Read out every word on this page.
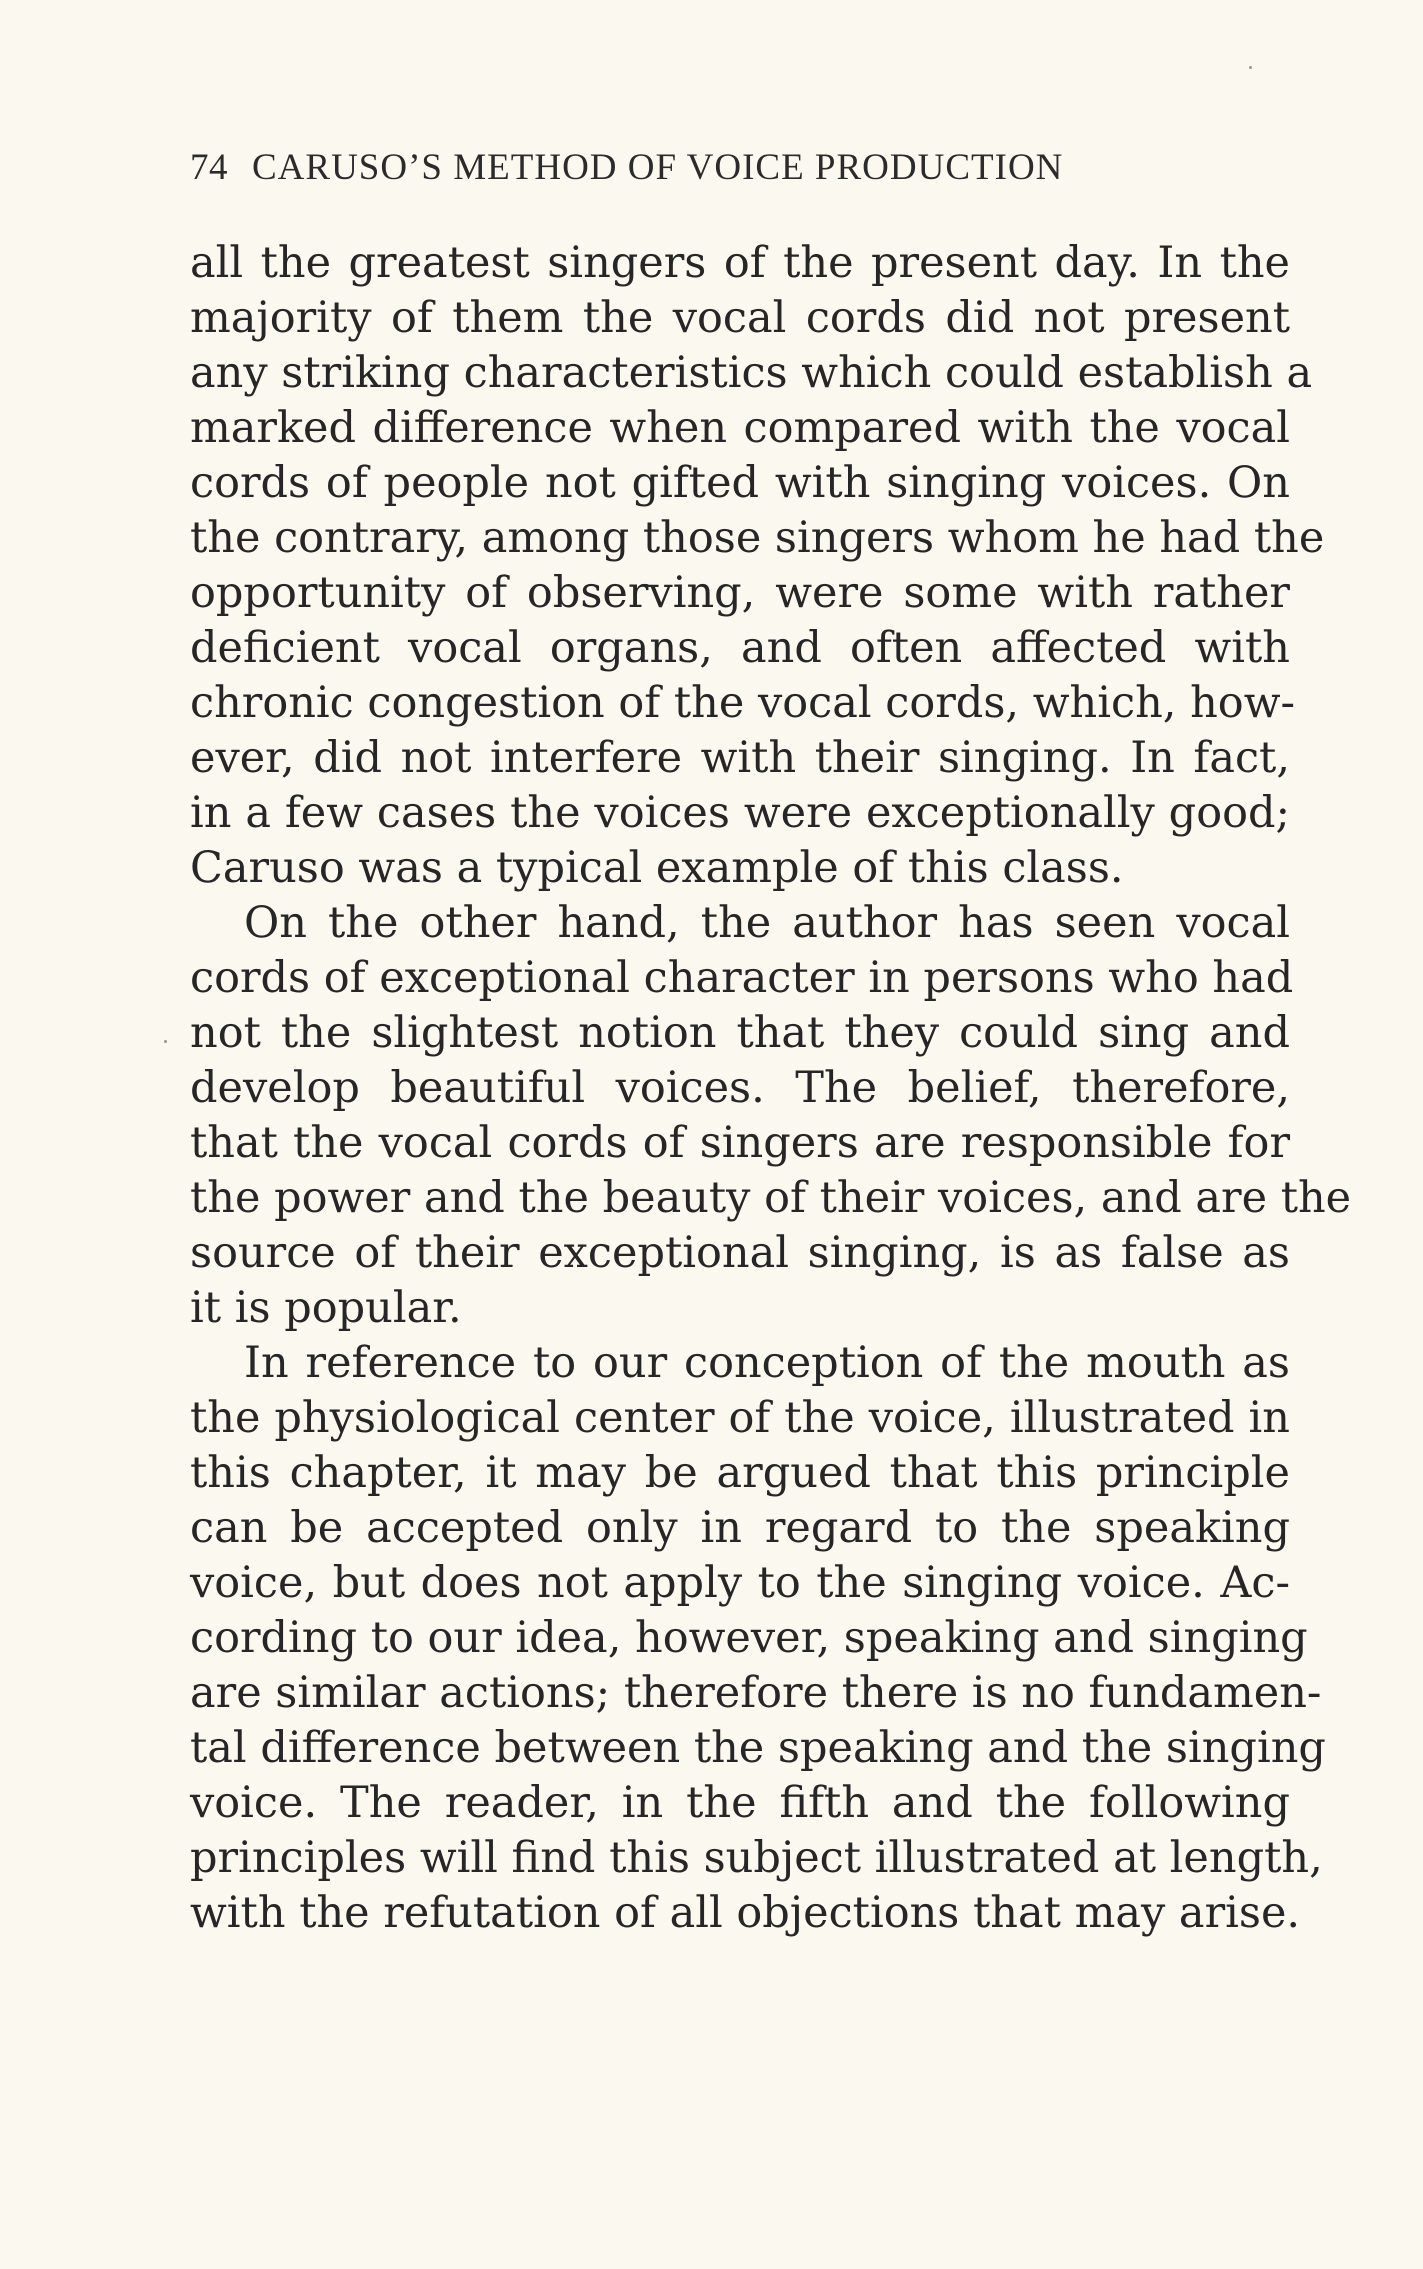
74 CARUSO’S METHOD OF VOICE PRODUCTION
all the greatest singers of the present day. In the
majority of them the vocal cords did not present
any striking characteristics which could establish a
marked difference when compared with the vocal
cords of people not gifted with singing voices. On
the contrary, among those singers whom he had the
opportunity of observing, were some with rather
deficient vocal organs, and often affected with
chronic congestion of the vocal cords, which, how-
ever, did not interfere with their singing. In fact,
in a few cases the voices were exceptionally good;
Caruso was a typical example of this class.
On the other hand, the author has seen vocal
cords of exceptional character in persons who had
not the slightest notion that they could sing and
develop beautiful voices. The belief, therefore,
that the vocal cords of singers are responsible for
the power and the beauty of their voices, and are the
source of their exceptional singing, is as false as
it is popular.
In reference to our conception of the mouth as
the physiological center of the voice, illustrated in
this chapter, it may be argued that this principle
can be accepted only in regard to the speaking
voice, but does not apply to the singing voice. Ac-
cording to our idea, however, speaking and singing
are similar actions; therefore there is no fundamen-
tal difference between the speaking and the singing
voice. The reader, in the fifth and the following
principles will find this subject illustrated at length,
with the refutation of all objections that may arise.
